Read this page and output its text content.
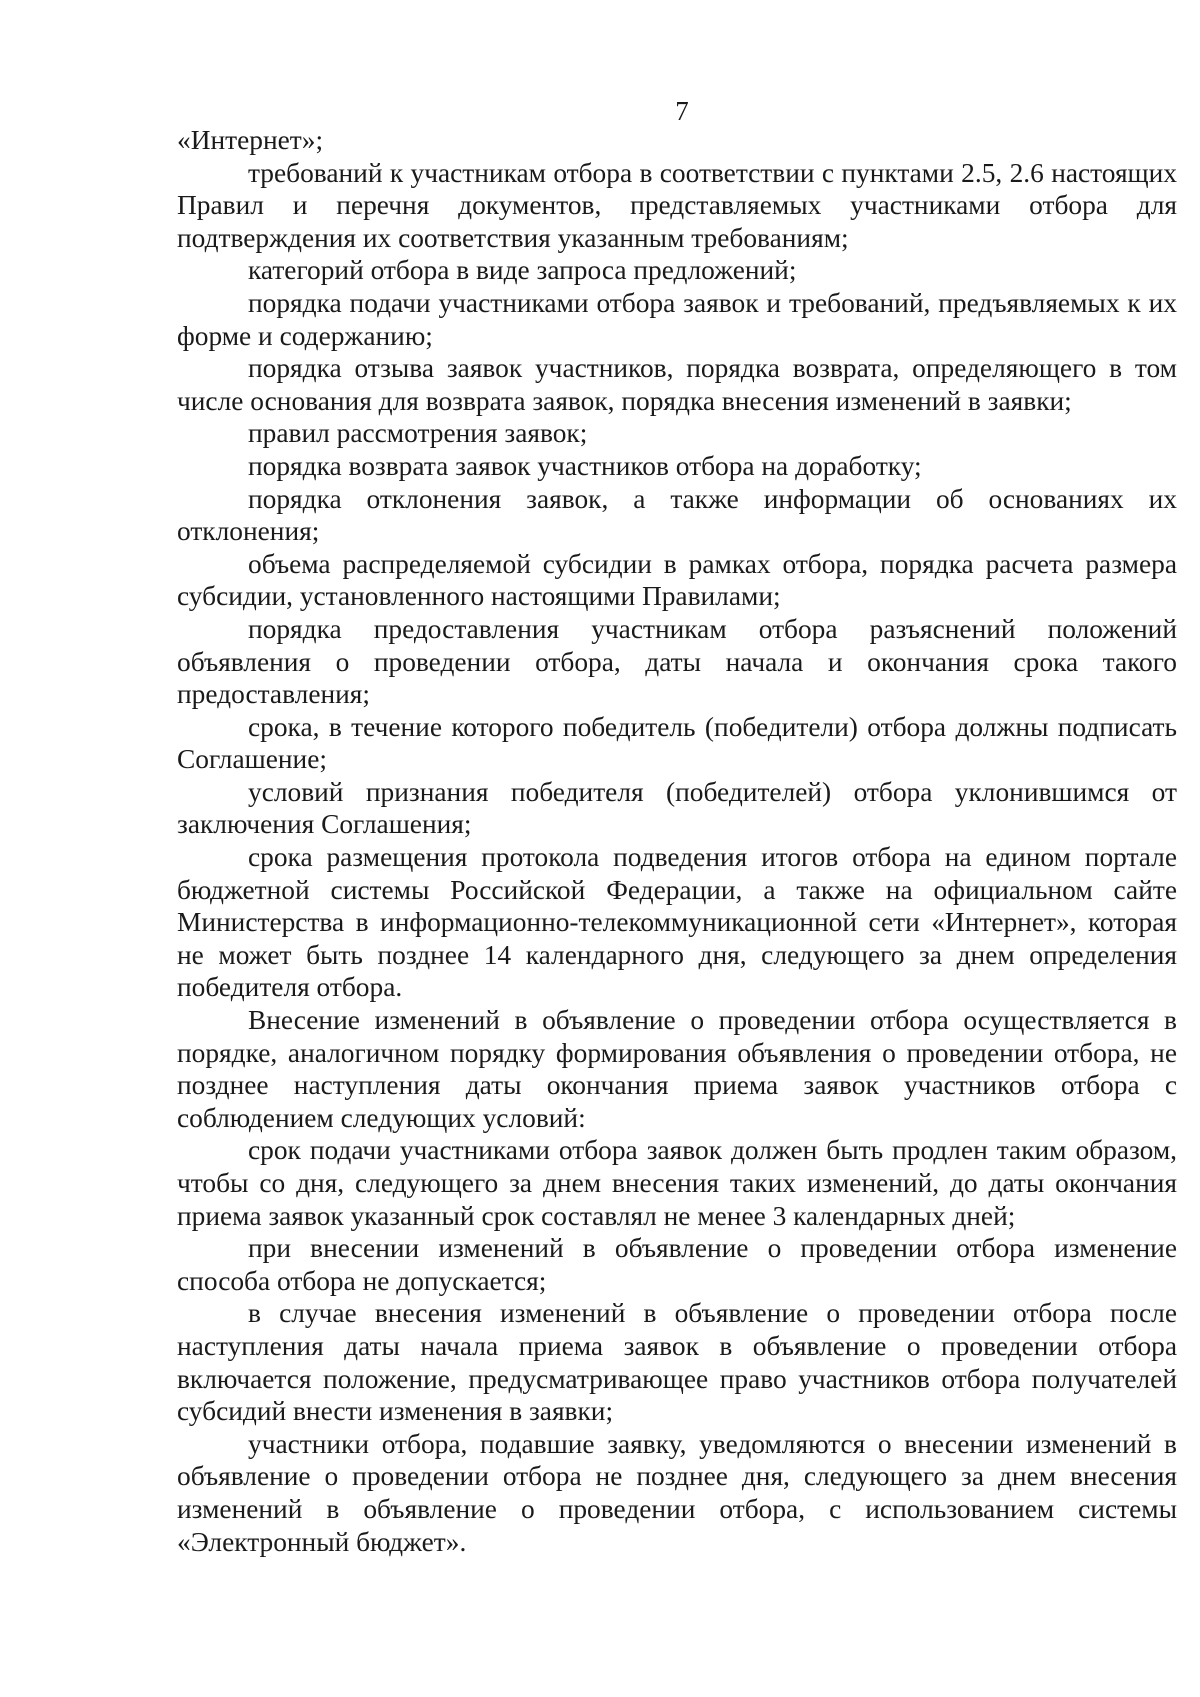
7

«Интернет»;

требований к участникам отбора в соответствии с пунктами 2.5, 2.6 настоящих Правил и перечня документов, представляемых участниками отбора для подтверждения их соответствия указанным требованиям;

категорий отбора в виде запроса предложений;

порядка подачи участниками отбора заявок и требований, предъявляемых к их форме и содержанию;

порядка отзыва заявок участников, порядка возврата, определяющего в том числе основания для возврата заявок, порядка внесения изменений в заявки;

правил рассмотрения заявок;

порядка возврата заявок участников отбора на доработку;

порядка отклонения заявок, а также информации об основаниях их отклонения;

объема распределяемой субсидии в рамках отбора, порядка расчета размера субсидии, установленного настоящими Правилами;

порядка предоставления участникам отбора разъяснений положений объявления о проведении отбора, даты начала и окончания срока такого предоставления;

срока, в течение которого победитель (победители) отбора должны подписать Соглашение;

условий признания победителя (победителей) отбора уклонившимся от заключения Соглашения;

срока размещения протокола подведения итогов отбора на едином портале бюджетной системы Российской Федерации, а также на официальном сайте Министерства в информационно-телекоммуникационной сети «Интернет», которая не может быть позднее 14 календарного дня, следующего за днем определения победителя отбора.

Внесение изменений в объявление о проведении отбора осуществляется в порядке, аналогичном порядку формирования объявления о проведении отбора, не позднее наступления даты окончания приема заявок участников отбора с соблюдением следующих условий:

срок подачи участниками отбора заявок должен быть продлен таким образом, чтобы со дня, следующего за днем внесения таких изменений, до даты окончания приема заявок указанный срок составлял не менее 3 календарных дней;

при внесении изменений в объявление о проведении отбора изменение способа отбора не допускается;

в случае внесения изменений в объявление о проведении отбора после наступления даты начала приема заявок в объявление о проведении отбора включается положение, предусматривающее право участников отбора получателей субсидий внести изменения в заявки;

участники отбора, подавшие заявку, уведомляются о внесении изменений в объявление о проведении отбора не позднее дня, следующего за днем внесения изменений в объявление о проведении отбора, с использованием системы «Электронный бюджет».
